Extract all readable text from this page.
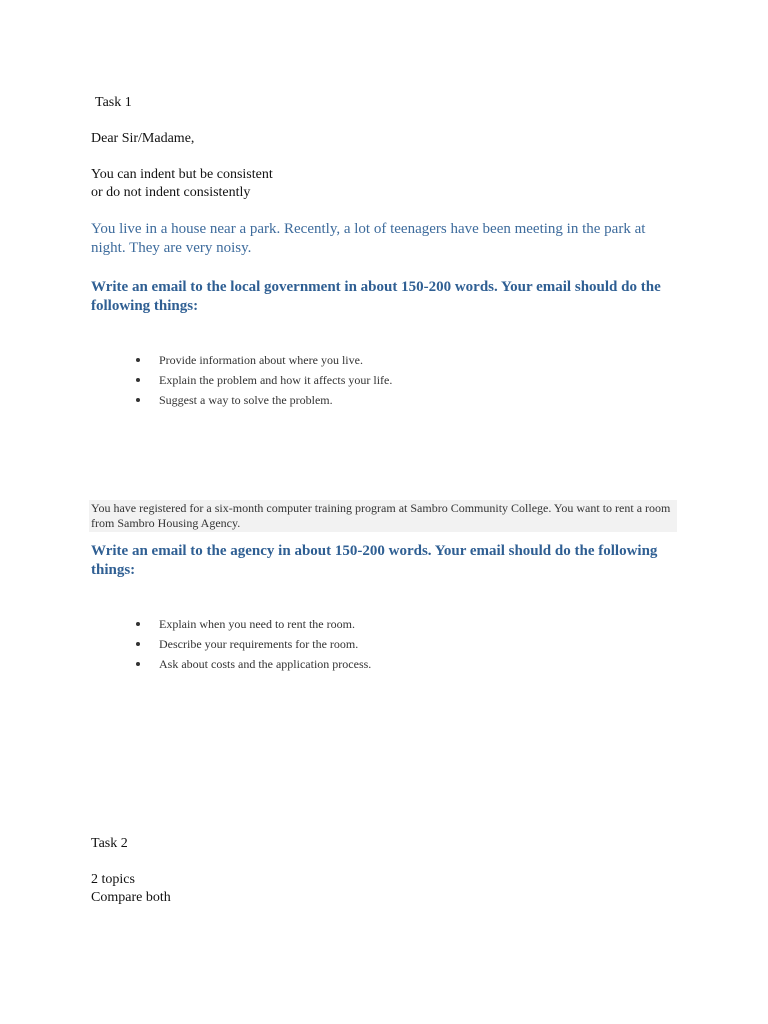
Task 1
Dear Sir/Madame,
You can indent but be consistent
or do not indent consistently
You live in a house near a park. Recently, a lot of teenagers have been meeting in the park at night. They are very noisy.
Write an email to the local government in about 150-200 words. Your email should do the following things:
Provide information about where you live.
Explain the problem and how it affects your life.
Suggest a way to solve the problem.
You have registered for a six-month computer training program at Sambro Community College. You want to rent a room from Sambro Housing Agency.
Write an email to the agency in about 150-200 words. Your email should do the following things:
Explain when you need to rent the room.
Describe your requirements for the room.
Ask about costs and the application process.
Task 2
2 topics
Compare both
